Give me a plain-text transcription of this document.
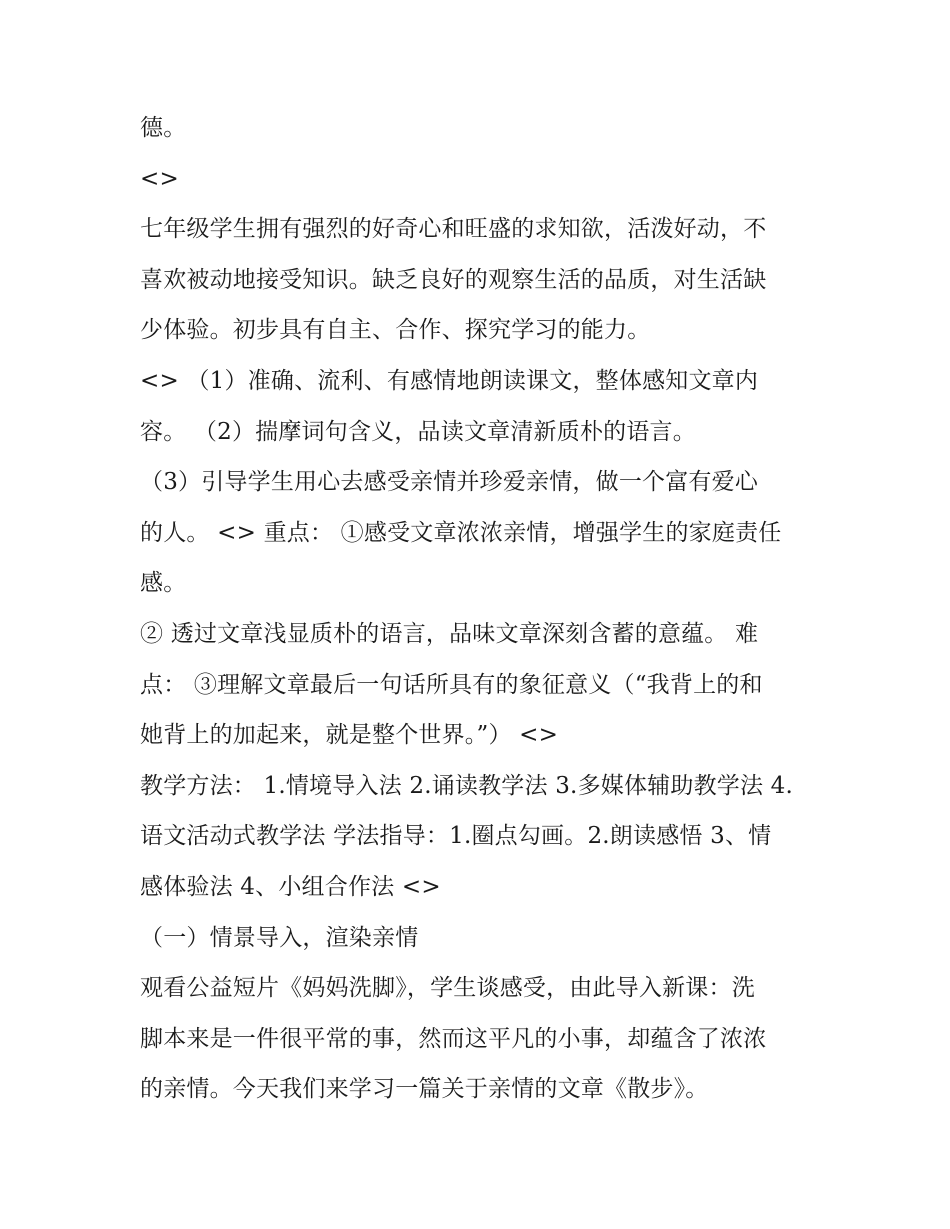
德。
<>
七年级学生拥有强烈的好奇心和旺盛的求知欲，活泼好动，不
喜欢被动地接受知识。缺乏良好的观察生活的品质，对生活缺
少体验。初步具有自主、合作、探究学习的能力。
<> （1）准确、流利、有感情地朗读课文，整体感知文章内
容。 （2）揣摩词句含义，品读文章清新质朴的语言。
（3）引导学生用心去感受亲情并珍爱亲情，做一个富有爱心
的人。 <> 重点： ①感受文章浓浓亲情，增强学生的家庭责任
感。
② 透过文章浅显质朴的语言，品味文章深刻含蓄的意蕴。 难
点： ③理解文章最后一句话所具有的象征意义（“我背上的和
她背上的加起来，就是整个世界。”） <>
教学方法： 1.情境导入法 2.诵读教学法 3.多媒体辅助教学法 4.
语文活动式教学法 学法指导：1.圈点勾画。2.朗读感悟 3、情
感体验法 4、小组合作法 <>
（一）情景导入，渲染亲情
观看公益短片《妈妈洗脚》，学生谈感受，由此导入新课：洗
脚本来是一件很平常的事，然而这平凡的小事，却蕴含了浓浓
的亲情。今天我们来学习一篇关于亲情的文章《散步》。
